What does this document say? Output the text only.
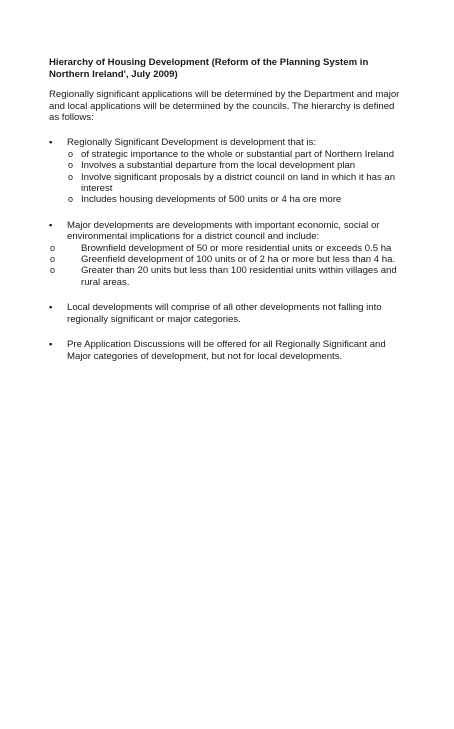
Hierarchy of Housing Development (Reform of the Planning System in Northern Ireland', July 2009)
Regionally significant applications will be determined by the Department and major and local applications will be determined by the councils. The hierarchy is defined as follows:
•	Regionally Significant Development is development that is:
o of strategic importance to the whole or substantial part of Northern Ireland
o Involves a substantial departure from the local development plan
o Involve significant proposals by a district council on land in which it has an interest
o Includes housing developments of 500 units or 4 ha ore more
•	Major developments are developments with important economic, social or environmental implications for a district council and include:
o	Brownfield development of 50 or more residential units or exceeds 0.5 ha
o	Greenfield development of 100 units or of 2 ha or more but less than 4 ha.
o	Greater than 20 units but less than 100 residential units within villages and rural areas.
•	Local developments will comprise of all other developments not falling into regionally significant or major categories.
•	Pre Application Discussions will be offered for all Regionally Significant and Major categories of development, but not for local developments.
